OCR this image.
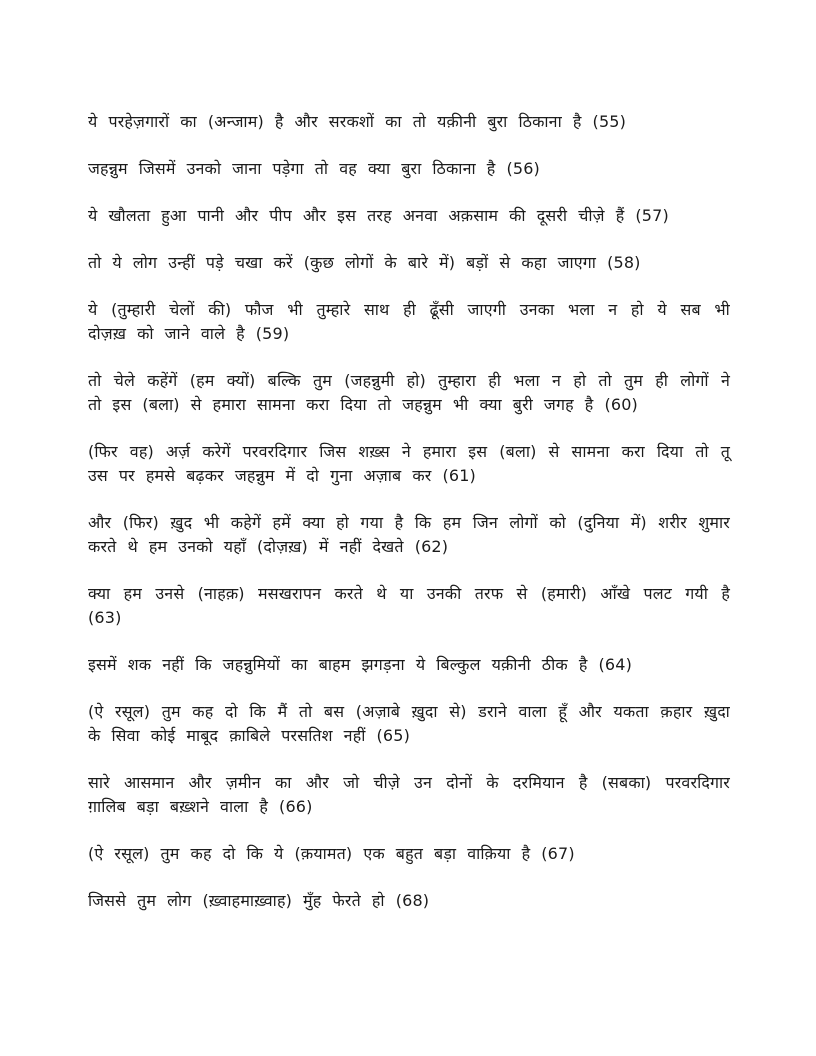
ये परहेज़गारों का (अन्जाम) है और सरकशों का तो यक़ीनी बुरा ठिकाना है (55)

जहन्नुम जिसमें उनको जाना पड़ेगा तो वह क्या बुरा ठिकाना है (56)

ये खौलता हुआ पानी और पीप और इस तरह अनवा अक़साम की दूसरी चीज़े हैं (57)

तो ये लोग उन्हीं पड़े चखा करें (कुछ लोगों के बारे में) बड़ों से कहा जाएगा (58)

ये (तुम्हारी चेलों की) फौज भी तुम्हारे साथ ही ढूँसी जाएगी उनका भला न हो ये सब भी दोज़ख़ को जाने वाले है (59)

तो चेले कहेंगें (हम क्यों) बल्कि तुम (जहन्नुमी हो) तुम्हारा ही भला न हो तो तुम ही लोगों ने तो इस (बला) से हमारा सामना करा दिया तो जहन्नुम भी क्या बुरी जगह है (60)

(फिर वह) अर्ज़ करेगें परवरदिगार जिस शख़्स ने हमारा इस (बला) से सामना करा दिया तो तू उस पर हमसे बढ़कर जहन्नुम में दो गुना अज़ाब कर (61)

और (फिर) ख़ुद भी कहेगें हमें क्या हो गया है कि हम जिन लोगों को (दुनिया में) शरीर शुमार करते थे हम उनको यहाँ (दोज़ख़) में नहीं देखते (62)

क्या हम उनसे (नाहक़) मसखरापन करते थे या उनकी तरफ से (हमारी) आँखे पलट गयी है (63)

इसमें शक नहीं कि जहन्नुमियों का बाहम झगड़ना ये बिल्कुल यक़ीनी ठीक है (64)

(ऐ रसूल) तुम कह दो कि मैं तो बस (अज़ाबे ख़ुदा से) डराने वाला हूँ और यकता क़हार ख़ुदा के सिवा कोई माबूद क़ाबिले परसतिश नहीं (65)

सारे आसमान और ज़मीन का और जो चीज़े उन दोनों के दरमियान है (सबका) परवरदिगार ग़ालिब बड़ा बख़्शने वाला है (66)

(ऐ रसूल) तुम कह दो कि ये (क़यामत) एक बहुत बड़ा वाक़िया है (67)

जिससे तुम लोग (ख़्वाहमाख़्वाह) मुँह फेरते हो (68)
